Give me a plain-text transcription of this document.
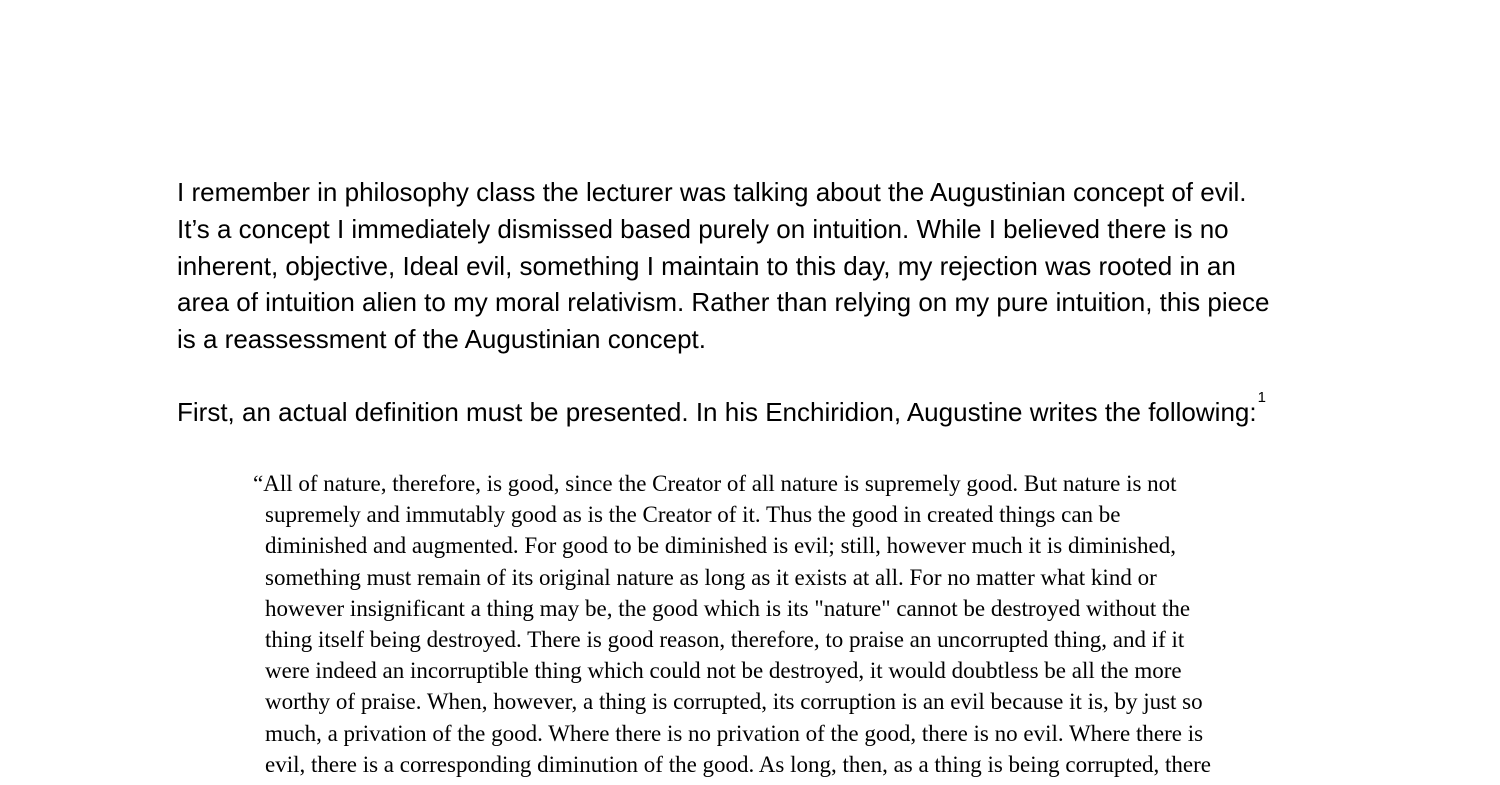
I remember in philosophy class the lecturer was talking about the Augustinian concept of evil.
It’s a concept I immediately dismissed based purely on intuition. While I believed there is no
inherent, objective, Ideal evil, something I maintain to this day, my rejection was rooted in an
area of intuition alien to my moral relativism. Rather than relying on my pure intuition, this piece
is a reassessment of the Augustinian concept.

First, an actual definition must be presented. In his Enchiridion, Augustine writes the following:$^1$

“All of nature, therefore, is good, since the Creator of all nature is supremely good. But nature is not
supremely and immutably good as is the Creator of it. Thus the good in created things can be
diminished and augmented. For good to be diminished is evil; still, however much it is diminished,
something must remain of its original nature as long as it exists at all. For no matter what kind or
however insignificant a thing may be, the good which is its "nature" cannot be destroyed without the
thing itself being destroyed. There is good reason, therefore, to praise an uncorrupted thing, and if it
were indeed an incorruptible thing which could not be destroyed, it would doubtless be all the more
worthy of praise. When, however, a thing is corrupted, its corruption is an evil because it is, by just so
much, a privation of the good. Where there is no privation of the good, there is no evil. Where there is
evil, there is a corresponding diminution of the good. As long, then, as a thing is being corrupted, there
